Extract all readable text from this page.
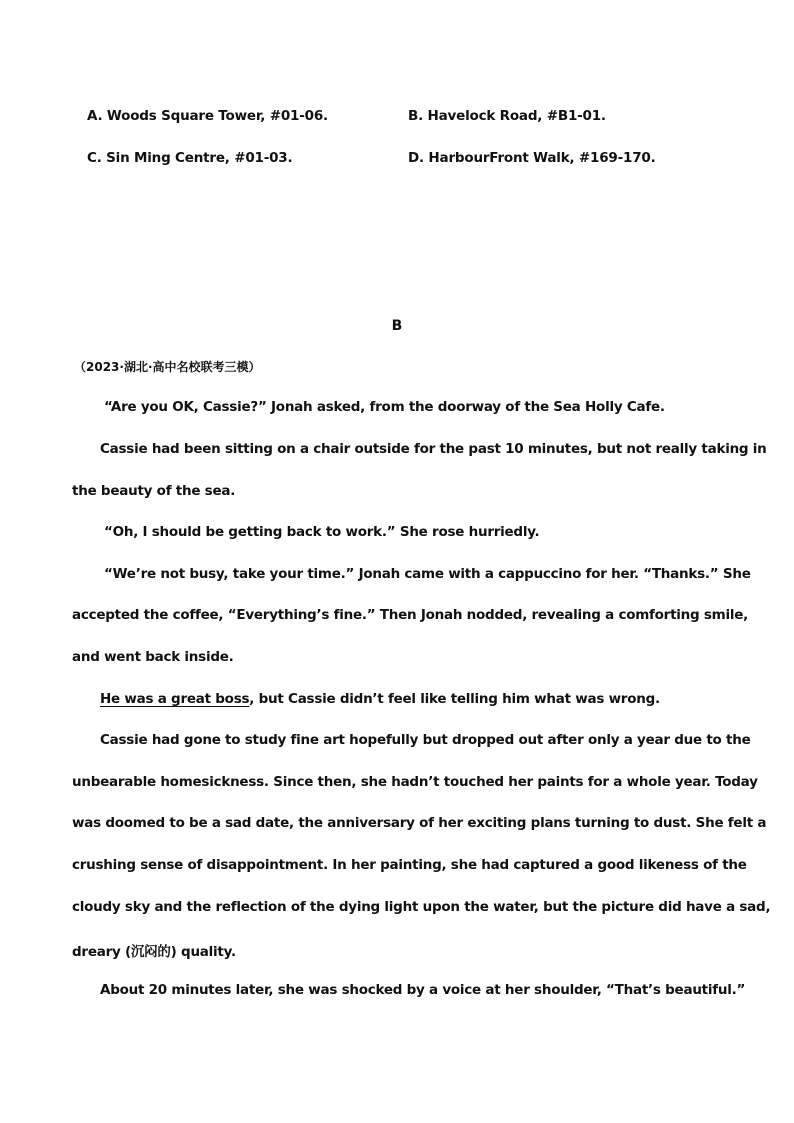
A. Woods Square Tower, #01-06.	B. Havelock Road, #B1-01.
C. Sin Ming Centre, #01-03.	D. HarbourFront Walk, #169-170.
B
（2023·湖北·高中名校联考三模）
“Are you OK, Cassie?” Jonah asked, from the doorway of the Sea Holly Cafe.
Cassie had been sitting on a chair outside for the past 10 minutes, but not really taking in
the beauty of the sea.
“Oh, I should be getting back to work.” She rose hurriedly.
“We’re not busy, take your time.” Jonah came with a cappuccino for her. “Thanks.” She
accepted the coffee, “Everything’s fine.” Then Jonah nodded, revealing a comforting smile,
and went back inside.
He was a great boss, but Cassie didn’t feel like telling him what was wrong.
Cassie had gone to study fine art hopefully but dropped out after only a year due to the
unbearable homesickness. Since then, she hadn’t touched her paints for a whole year. Today
was doomed to be a sad date, the anniversary of her exciting plans turning to dust. She felt a
crushing sense of disappointment. In her painting, she had captured a good likeness of the
cloudy sky and the reflection of the dying light upon the water, but the picture did have a sad,
dreary (沉闷的) quality.
About 20 minutes later, she was shocked by a voice at her shoulder, “That’s beautiful.”
